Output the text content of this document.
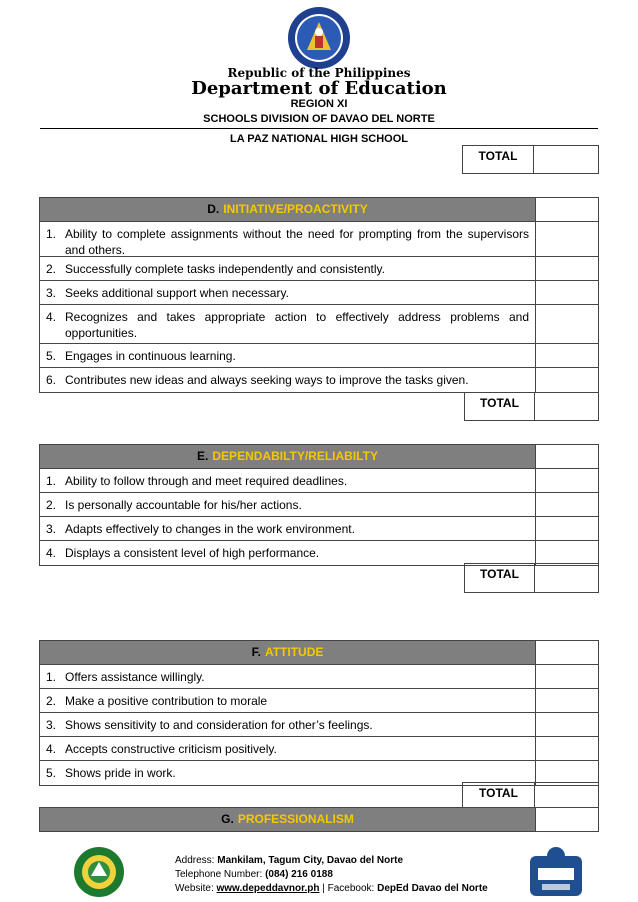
Republic of the Philippines
Department of Education
REGION XI
SCHOOLS DIVISION OF DAVAO DEL NORTE
LA PAZ NATIONAL HIGH SCHOOL
TOTAL
D. INITIATIVE/PROACTIVITY
1. Ability to complete assignments without the need for prompting from the supervisors and others.
2. Successfully complete tasks independently and consistently.
3. Seeks additional support when necessary.
4. Recognizes and takes appropriate action to effectively address problems and opportunities.
5. Engages in continuous learning.
6. Contributes new ideas and always seeking ways to improve the tasks given.
TOTAL
E. DEPENDABILTY/RELIABILTY
1. Ability to follow through and meet required deadlines.
2. Is personally accountable for his/her actions.
3. Adapts effectively to changes in the work environment.
4. Displays a consistent level of high performance.
TOTAL
F. ATTITUDE
1. Offers assistance willingly.
2. Make a positive contribution to morale
3. Shows sensitivity to and consideration for other’s feelings.
4. Accepts constructive criticism positively.
5. Shows pride in work.
TOTAL
G. PROFESSIONALISM
Address: Mankilam, Tagum City, Davao del Norte
Telephone Number: (084) 216 0188
Website: www.depeddavnor.ph | Facebook: DepEd Davao del Norte
